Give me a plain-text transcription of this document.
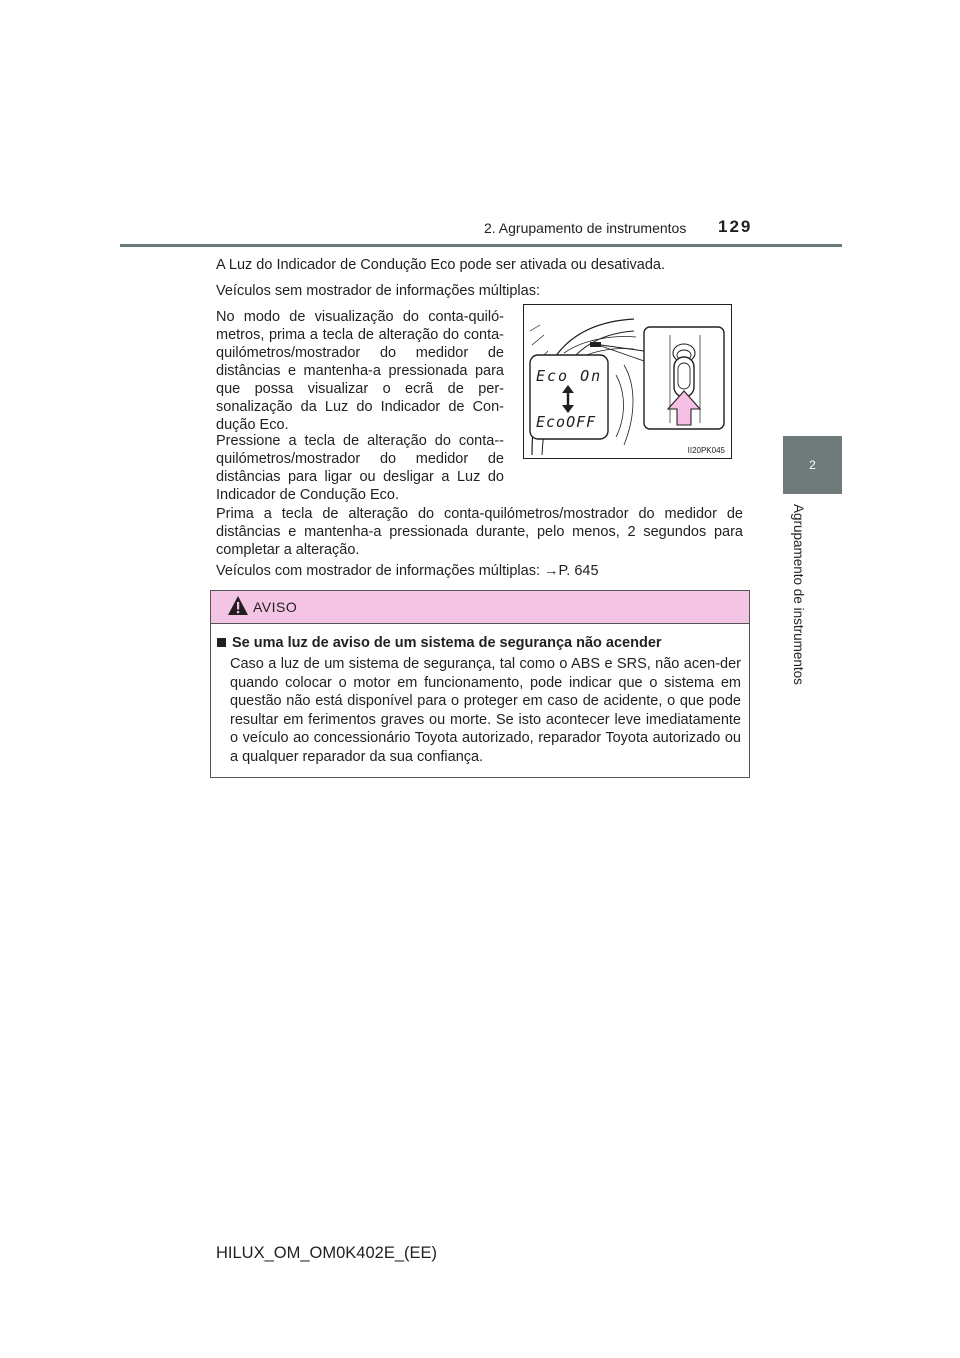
2. Agrupamento de instrumentos 129
2
Agrupamento de instrumentos

A Luz do Indicador de Condução Eco pode ser ativada ou desativada.

Veículos sem mostrador de informações múltiplas:

No modo de visualização do conta-quiló-metros, prima a tecla de alteração do conta-quilómetros/mostrador do medidor de distâncias e mantenha-a pressionada para que possa visualizar o ecrã de per-sonalização da Luz do Indicador de Con-dução Eco.

Pressione a tecla de alteração do conta--quilómetros/mostrador do medidor de distâncias para ligar ou desligar a Luz do Indicador de Condução Eco.

Prima a tecla de alteração do conta-quilómetros/mostrador do medidor de distâncias e mantenha-a pressionada durante, pelo menos, 2 segundos para completar a alteração.

Veículos com mostrador de informações múltiplas: →P. 645

Eco On
EcoOFF
II20PK045
AVISO
Se uma luz de aviso de um sistema de segurança não acender

Caso a luz de um sistema de segurança, tal como o ABS e SRS, não acen-der quando colocar o motor em funcionamento, pode indicar que o sistema em questão não está disponível para o proteger em caso de acidente, o que pode resultar em ferimentos graves ou morte. Se isto acontecer leve imediatamente o veículo ao concessionário Toyota autorizado, reparador Toyota autorizado ou a qualquer reparador da sua confiança.

HILUX_OM_OM0K402E_(EE)
